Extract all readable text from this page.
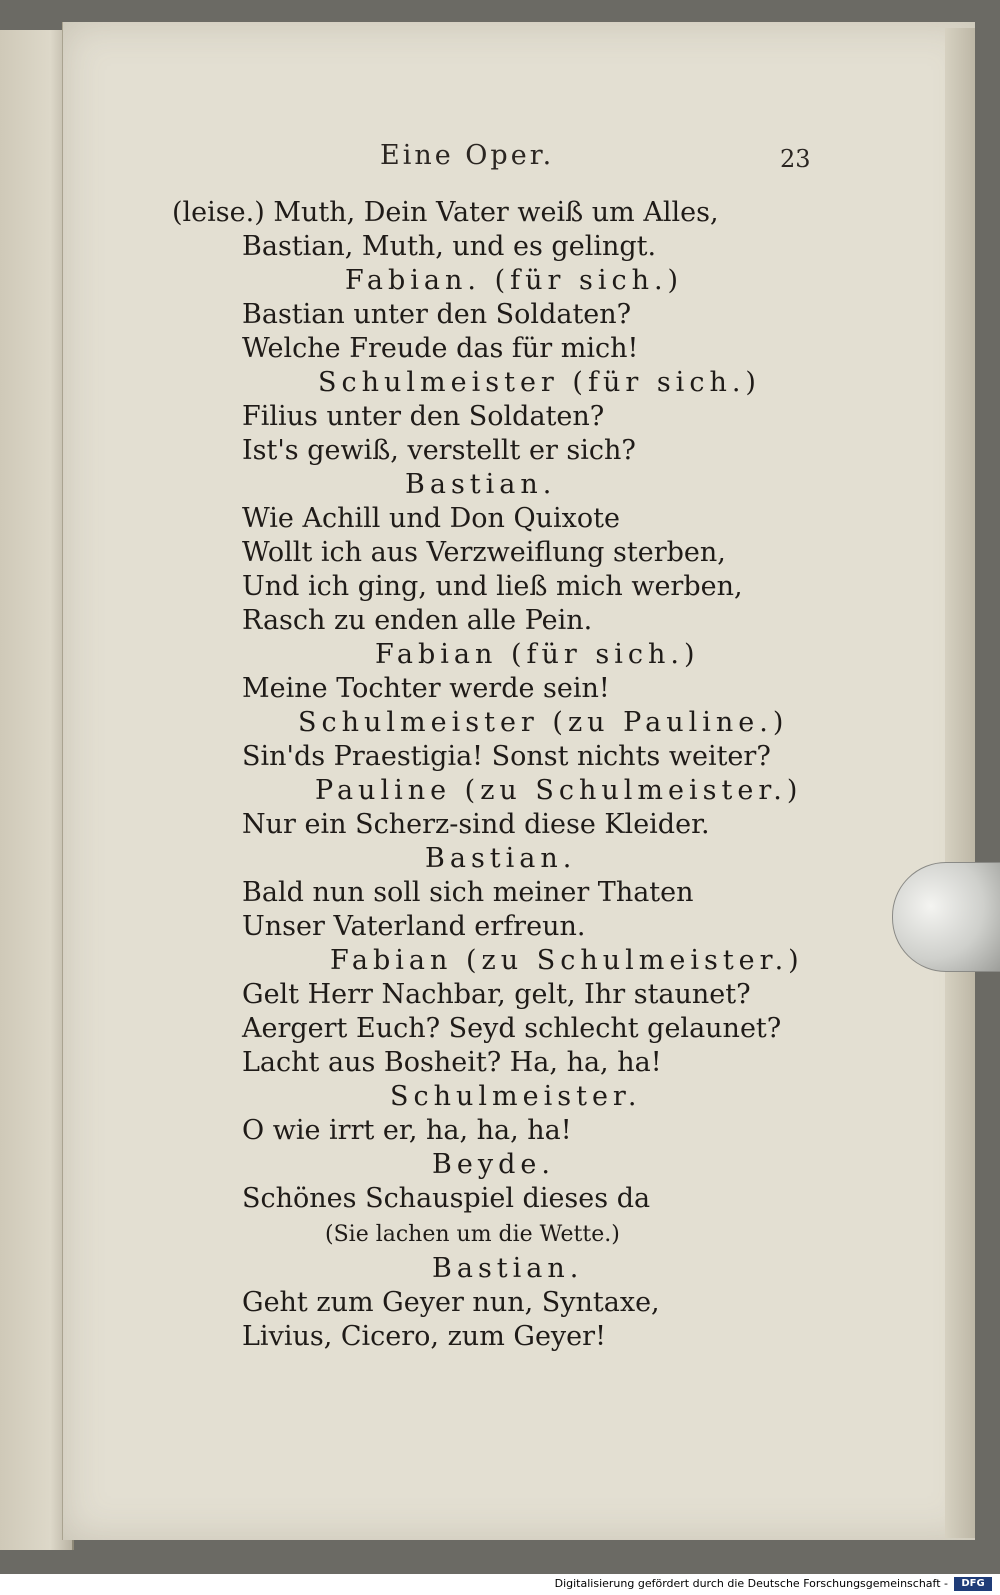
Eine Oper.	23
(leise.) Muth, Dein Vater weiß um Alles,
Bastian, Muth, und es gelingt.
Fabian. (für sich.)
Bastian unter den Soldaten?
Welche Freude das für mich!
Schulmeister (für sich.)
Filius unter den Soldaten?
Ist's gewiß, verstellt er sich?
Bastian.
Wie Achill und Don Quixote
Wollt ich aus Verzweiflung sterben,
Und ich ging, und ließ mich werben,
Rasch zu enden alle Pein.
Fabian (für sich.)
Meine Tochter werde sein!
Schulmeister (zu Pauline.)
Sin'ds Praestigia! Sonst nichts weiter?
Pauline (zu Schulmeister.)
Nur ein Scherz-sind diese Kleider.
Bastian.
Bald nun soll sich meiner Thaten
Unser Vaterland erfreun.
Fabian (zu Schulmeister.)
Gelt Herr Nachbar, gelt, Ihr staunet?
Aergert Euch? Seyd schlecht gelaunet?
Lacht aus Bosheit? Ha, ha, ha!
Schulmeister.
O wie irrt er, ha, ha, ha!
Beyde.
Schönes Schauspiel dieses da
(Sie lachen um die Wette.)
Bastian.
Geht zum Geyer nun, Syntaxe,
Livius, Cicero, zum Geyer!
Digitalisierung gefördert durch die Deutsche Forschungsgemeinschaft -	DFG
